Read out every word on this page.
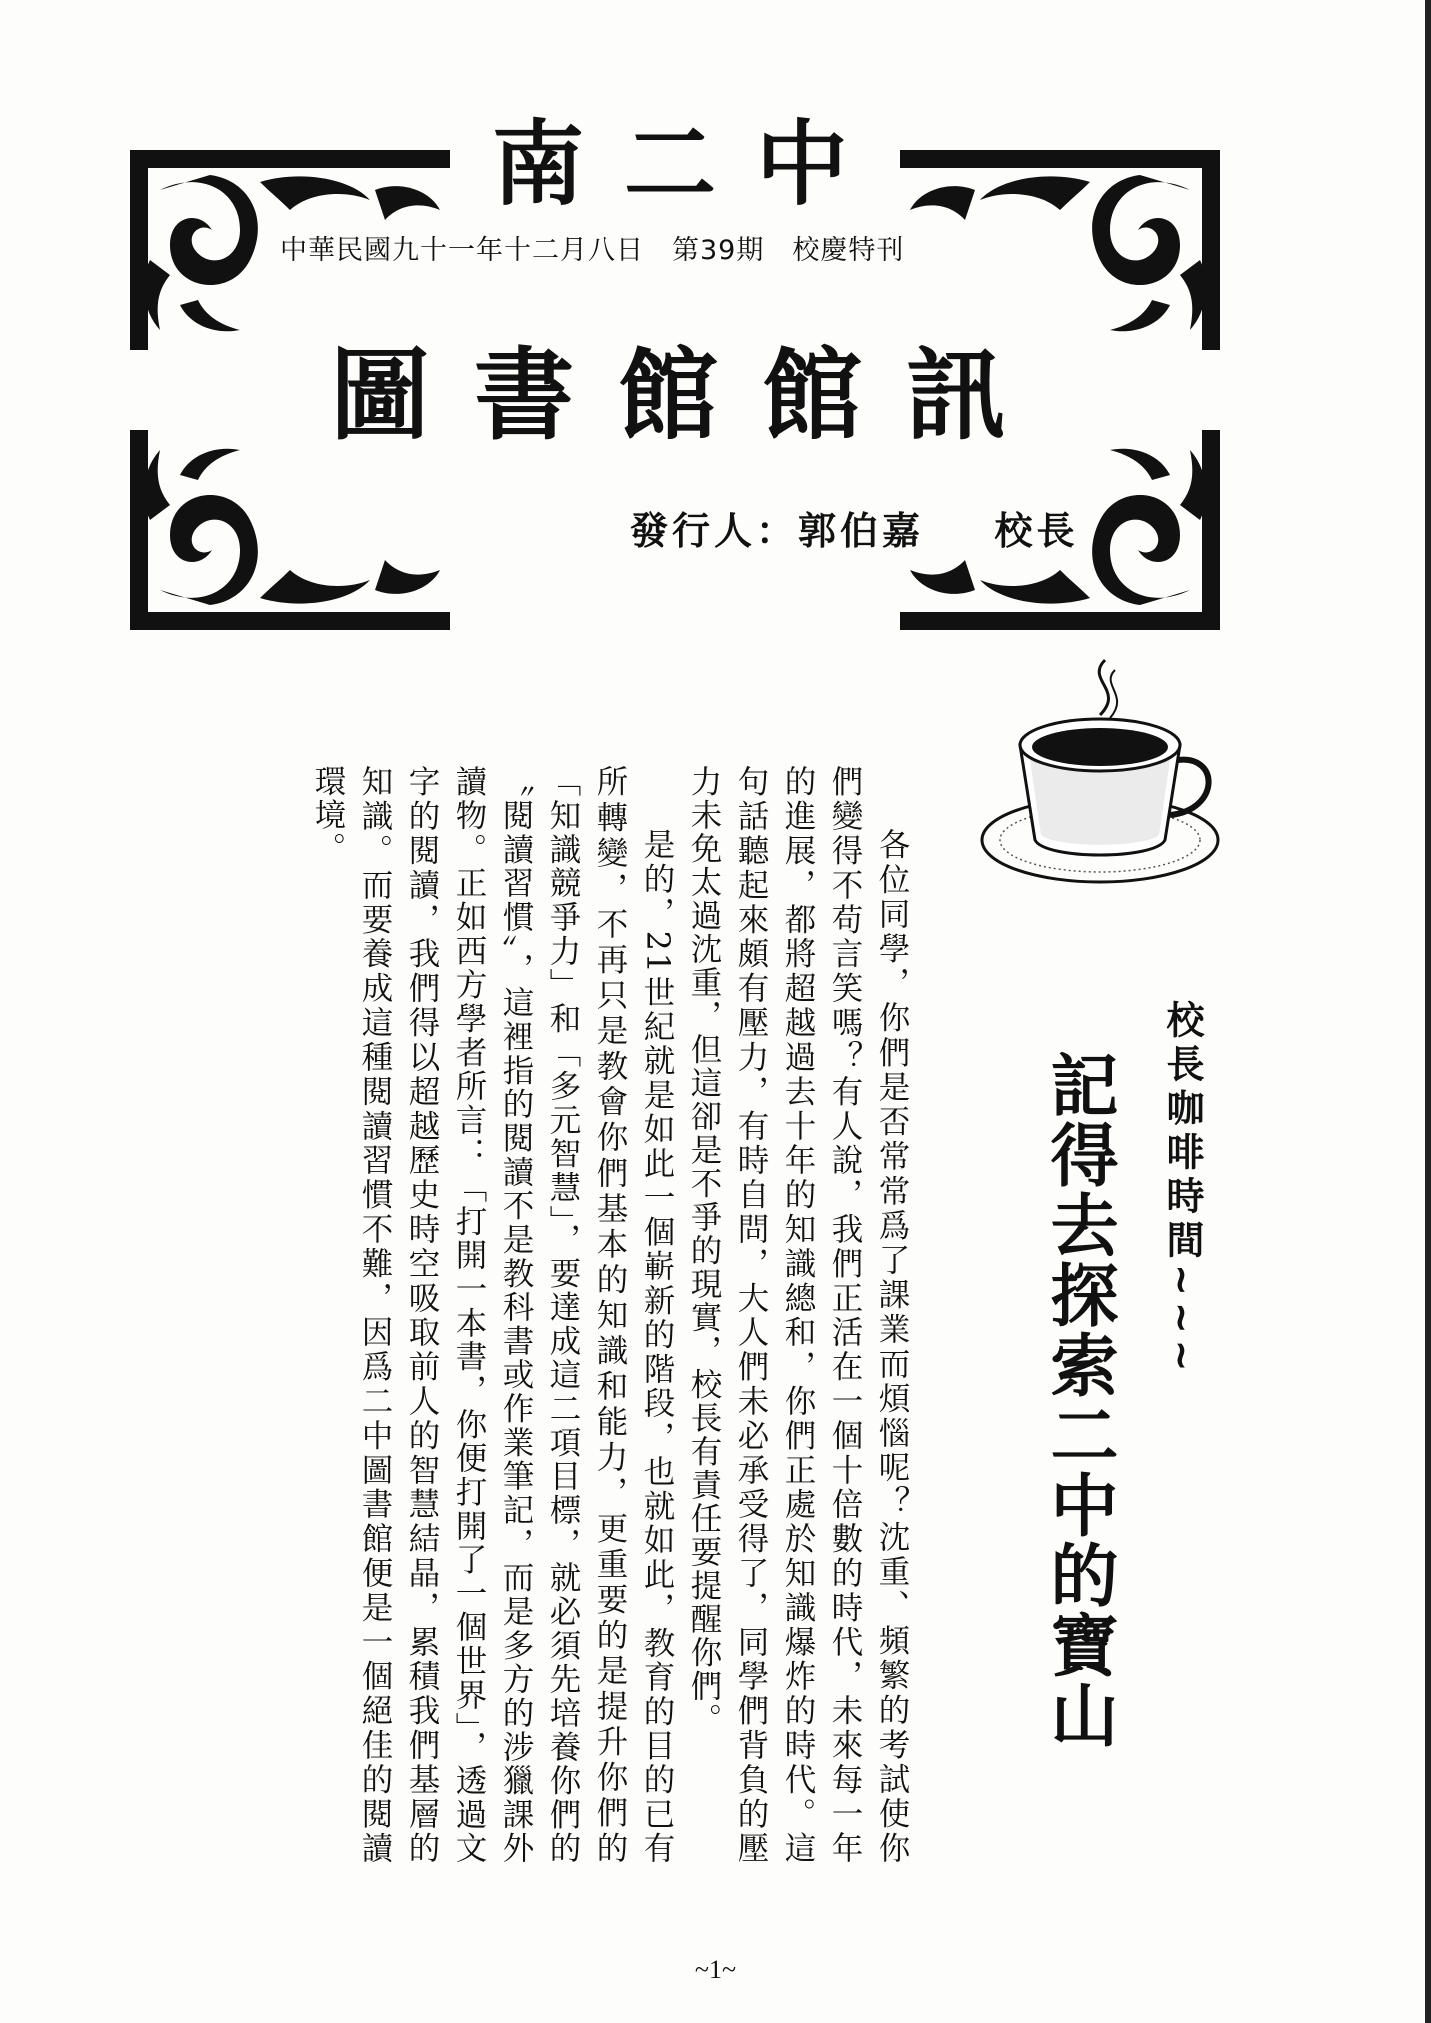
南二中
中華民國九十一年十二月八日 第39期 校慶特刊
圖書館館訊
發行人：郭伯嘉 校長
校長咖啡時間~~~
記得去探索二中的寶山

各位同學，你們是否常常爲了課業而煩惱呢？沈重、頻繁的考試使你們變得不苟言笑嗎？有人說，我們正活在一個十倍數的時代，未來每一年的進展，都將超越過去十年的知識總和，你們正處於知識爆炸的時代。這句話聽起來頗有壓力，有時自問，大人們未必承受得了，同學們背負的壓力未免太過沈重，但這卻是不爭的現實，校長有責任要提醒你們。

是的，21世紀就是如此一個嶄新的階段，也就如此，教育的目的已有所轉變，不再只是教會你們基本的知識和能力，更重要的是提升你們的「知識競爭力」和「多元智慧」，要達成這二項目標，就必須先培養你們的〝閱讀習慣〞，這裡指的閱讀不是教科書或作業筆記，而是多方的涉獵課外讀物。正如西方學者所言：「打開一本書，你便打開了一個世界」，透過文字的閱讀，我們得以超越歷史時空吸取前人的智慧結晶，累積我們基層的知識。而要養成這種閱讀習慣不難，因爲二中圖書館便是一個絕佳的閱讀環境。

~1~
